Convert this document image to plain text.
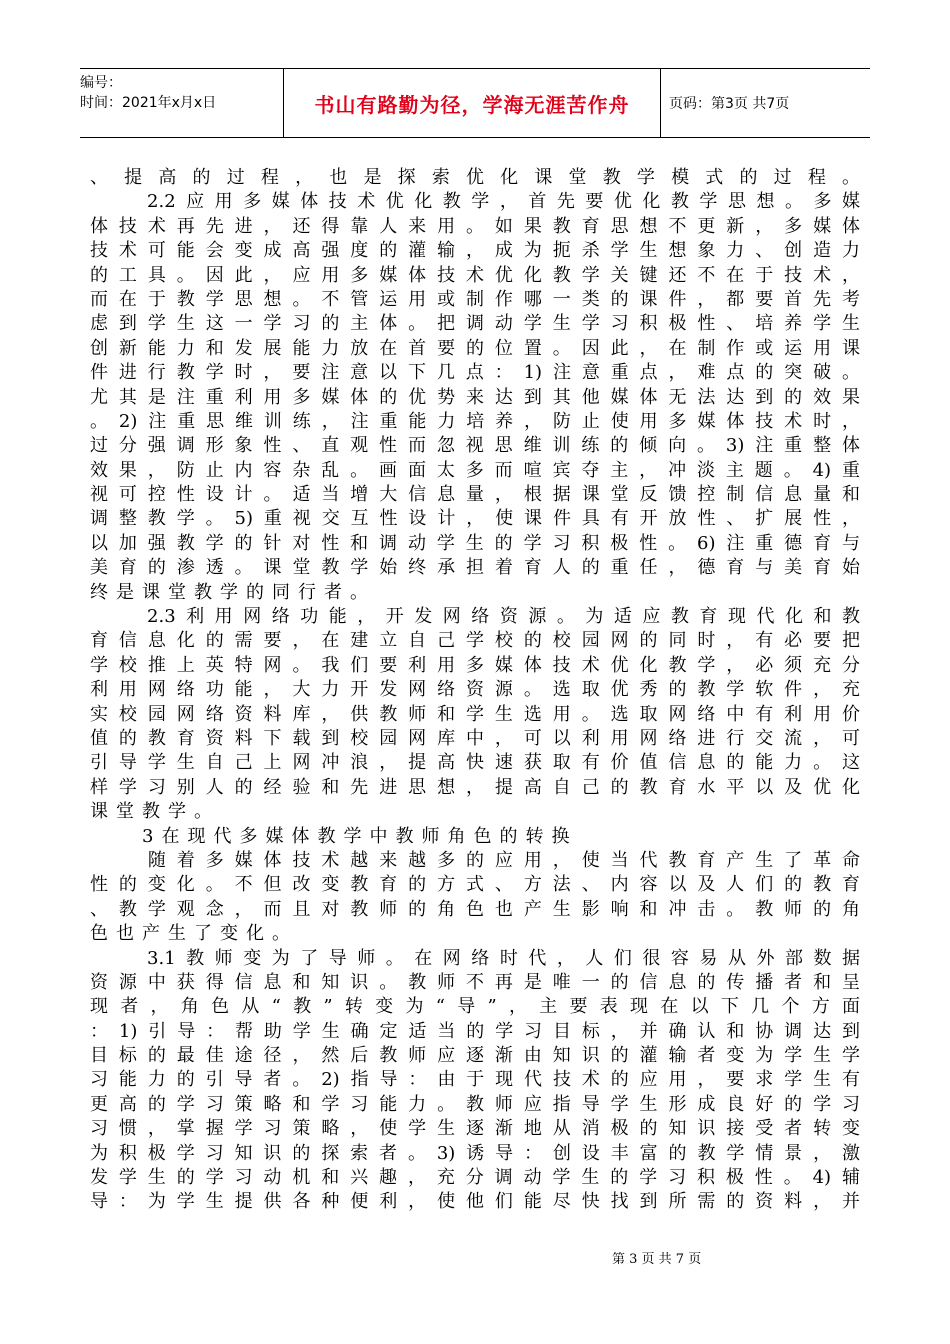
编号：
时间：2021年x月x日	书山有路勤为径，学海无涯苦作舟	页码：第3页 共7页
、提高的过程，也是探索优化课堂教学模式的过程。
　　2.2应用多媒体技术优化教学，首先要优化教学思想。多媒
体技术再先进，还得靠人来用。如果教育思想不更新，多媒体
技术可能会变成高强度的灌输，成为扼杀学生想象力、创造力
的工具。因此，应用多媒体技术优化教学关键还不在于技术，
而在于教学思想。不管运用或制作哪一类的课件，都要首先考
虑到学生这一学习的主体。把调动学生学习积极性、培养学生
创新能力和发展能力放在首要的位置。因此，在制作或运用课
件进行教学时，要注意以下几点：1)注意重点，难点的突破。
尤其是注重利用多媒体的优势来达到其他媒体无法达到的效果
。2)注重思维训练，注重能力培养，防止使用多媒体技术时，
过分强调形象性、直观性而忽视思维训练的倾向。3)注重整体
效果，防止内容杂乱。画面太多而喧宾夺主，冲淡主题。4)重
视可控性设计。适当增大信息量，根据课堂反馈控制信息量和
调整教学。5)重视交互性设计，使课件具有开放性、扩展性，
以加强教学的针对性和调动学生的学习积极性。6)注重德育与
美育的渗透。课堂教学始终承担着育人的重任，德育与美育始
终是课堂教学的同行者。
　　2.3利用网络功能，开发网络资源。为适应教育现代化和教
育信息化的需要，在建立自己学校的校园网的同时，有必要把
学校推上英特网。我们要利用多媒体技术优化教学，必须充分
利用网络功能，大力开发网络资源。选取优秀的教学软件，充
实校园网络资料库，供教师和学生选用。选取网络中有利用价
值的教育资料下载到校园网库中，可以利用网络进行交流，可
引导学生自己上网冲浪，提高快速获取有价值信息的能力。这
样学习别人的经验和先进思想，提高自己的教育水平以及优化
课堂教学。
　　3在现代多媒体教学中教师角色的转换
　　随着多媒体技术越来越多的应用，使当代教育产生了革命
性的变化。不但改变教育的方式、方法、内容以及人们的教育
、教学观念，而且对教师的角色也产生影响和冲击。教师的角
色也产生了变化。
　　3.1教师变为了导师。在网络时代，人们很容易从外部数据
资源中获得信息和知识。教师不再是唯一的信息的传播者和呈
现者，角色从“教”转变为“导”，主要表现在以下几个方面
：1)引导：帮助学生确定适当的学习目标，并确认和协调达到
目标的最佳途径，然后教师应逐渐由知识的灌输者变为学生学
习能力的引导者。2)指导：由于现代技术的应用，要求学生有
更高的学习策略和学习能力。教师应指导学生形成良好的学习
习惯，掌握学习策略，使学生逐渐地从消极的知识接受者转变
为积极学习知识的探索者。3)诱导：创设丰富的教学情景，激
发学生的学习动机和兴趣，充分调动学生的学习积极性。4)辅
导：为学生提供各种便利，使他们能尽快找到所需的资料，并
第 3 页 共 7 页
